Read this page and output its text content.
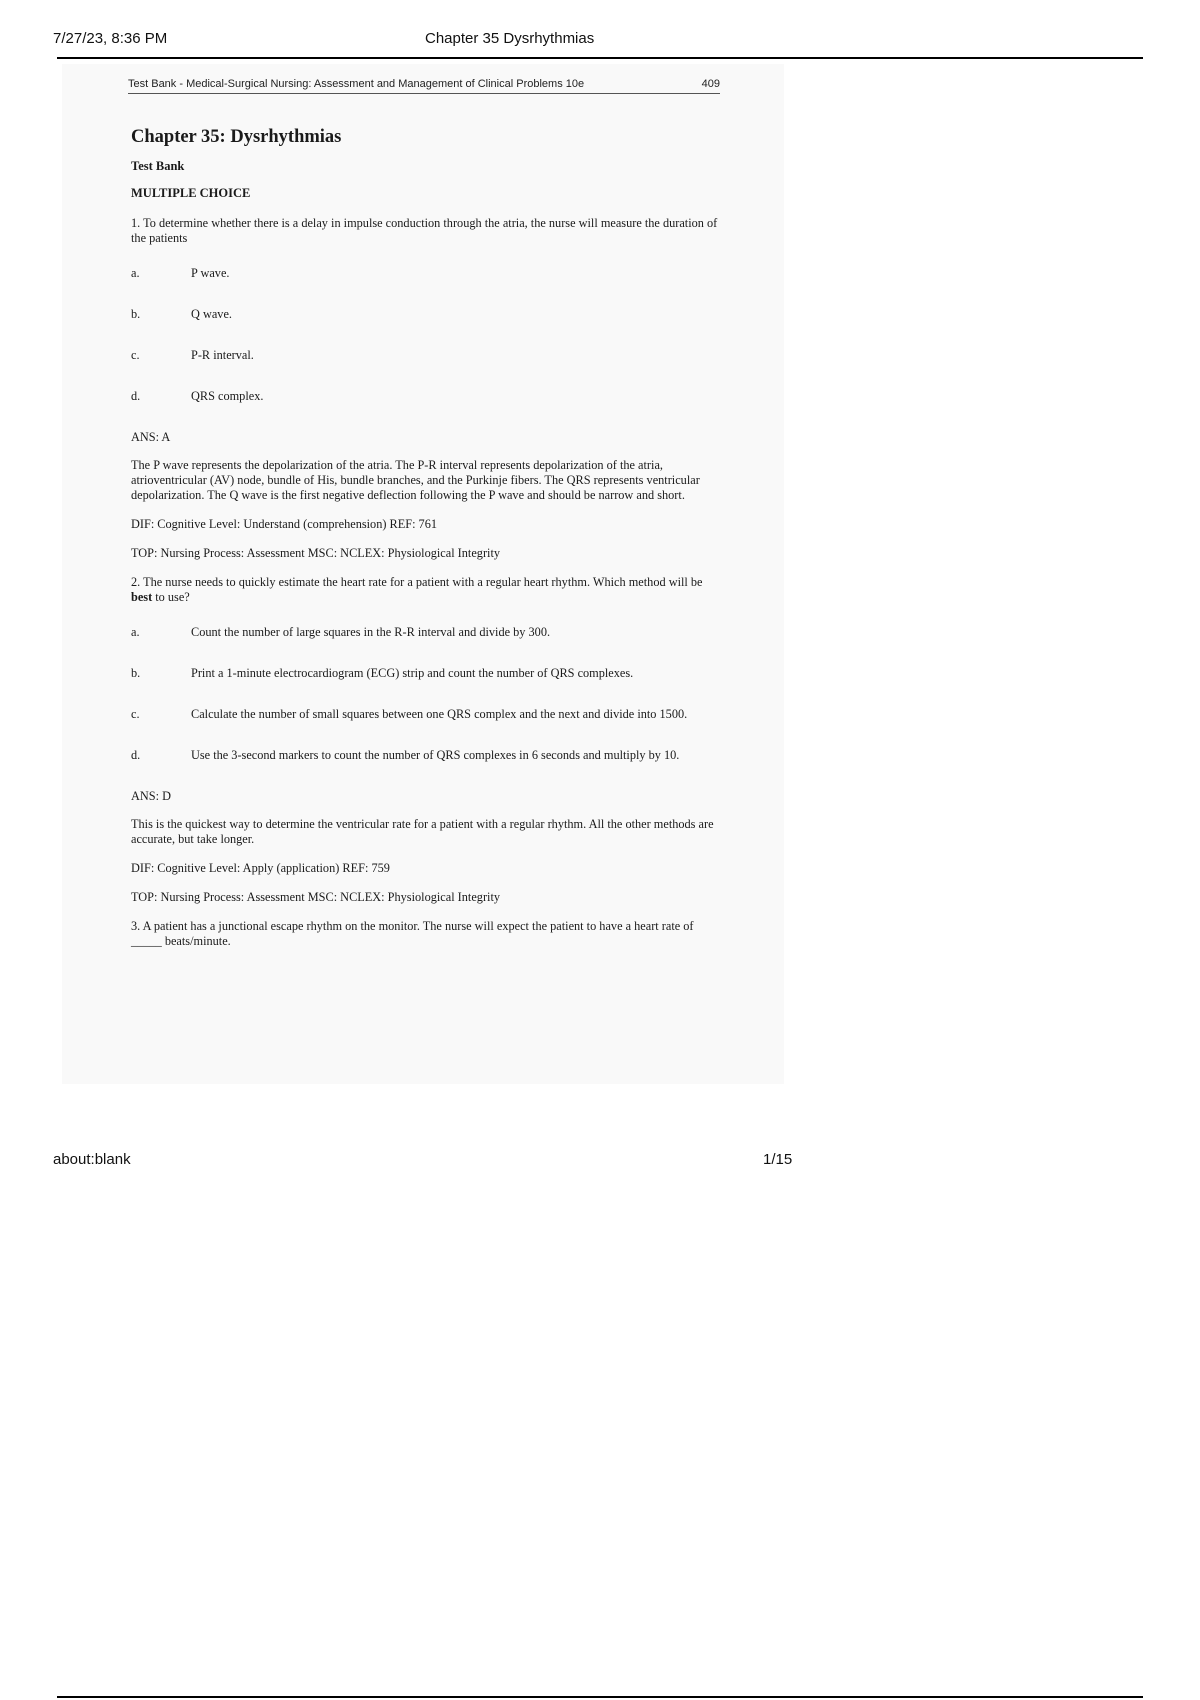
7/27/23, 8:36 PM	Chapter 35 Dysrhythmias
Test Bank - Medical-Surgical Nursing: Assessment and Management of Clinical Problems 10e	409
Chapter 35: Dysrhythmias
Test Bank
MULTIPLE CHOICE
1. To determine whether there is a delay in impulse conduction through the atria, the nurse will measure the duration of the patients
a.	P wave.
b.	Q wave.
c.	P-R interval.
d.	QRS complex.
ANS: A
The P wave represents the depolarization of the atria. The P-R interval represents depolarization of the atria, atrioventricular (AV) node, bundle of His, bundle branches, and the Purkinje fibers. The QRS represents ventricular depolarization. The Q wave is the first negative deflection following the P wave and should be narrow and short.
DIF: Cognitive Level: Understand (comprehension) REF: 761
TOP: Nursing Process: Assessment MSC: NCLEX: Physiological Integrity
2. The nurse needs to quickly estimate the heart rate for a patient with a regular heart rhythm. Which method will be best to use?
a.	Count the number of large squares in the R-R interval and divide by 300.
b.	Print a 1-minute electrocardiogram (ECG) strip and count the number of QRS complexes.
c.	Calculate the number of small squares between one QRS complex and the next and divide into 1500.
d.	Use the 3-second markers to count the number of QRS complexes in 6 seconds and multiply by 10.
ANS: D
This is the quickest way to determine the ventricular rate for a patient with a regular rhythm. All the other methods are accurate, but take longer.
DIF: Cognitive Level: Apply (application) REF: 759
TOP: Nursing Process: Assessment MSC: NCLEX: Physiological Integrity
3. A patient has a junctional escape rhythm on the monitor. The nurse will expect the patient to have a heart rate of _____ beats/minute.
about:blank	1/15
